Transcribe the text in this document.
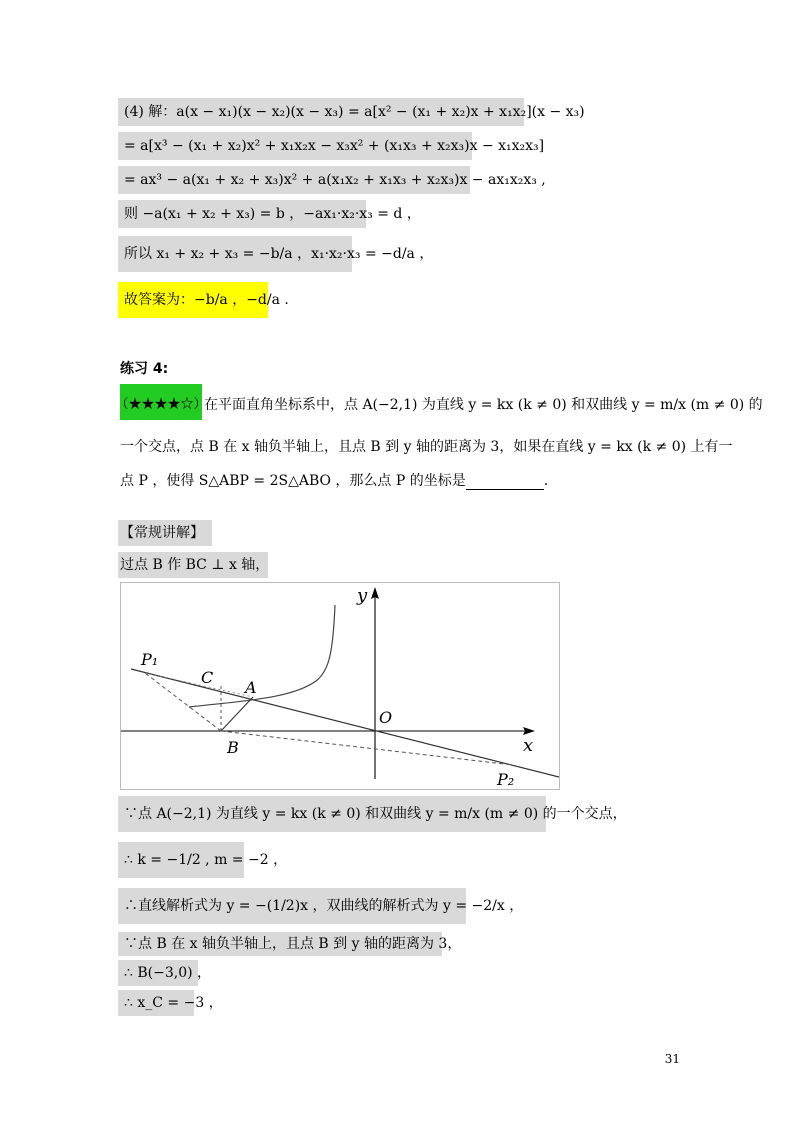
(4) 解：a(x − x₁)(x − x₂)(x − x₃) = a[x² − (x₁ + x₂)x + x₁x₂](x − x₃)
= a[x³ − (x₁ + x₂)x² + x₁x₂x − x₃x² + (x₁x₃ + x₂x₃)x − x₁x₂x₃]
= ax³ − a(x₁ + x₂ + x₃)x² + a(x₁x₂ + x₁x₃ + x₂x₃)x − ax₁x₂x₃ ,
则 −a(x₁ + x₂ + x₃) = b ，−ax₁·x₂·x₃ = d ，
所以 x₁ + x₂ + x₃ = −b/a ，x₁·x₂·x₃ = −d/a ，
故答案为：−b/a ，−d/a .
练习 4:
（★★★★☆）
在平面直角坐标系中，点 A(−2,1) 为直线 y = kx (k ≠ 0) 和双曲线 y = m/x (m ≠ 0) 的
一个交点，点 B 在 x 轴负半轴上，且点 B 到 y 轴的距离为 3，如果在直线 y = kx (k ≠ 0) 上有一
点 P ，使得 S△ABP = 2S△ABO ，那么点 P 的坐标是	.
【常规讲解】
过点 B 作 BC ⊥ x 轴，
y
x
O
A
B
C
P₁
P₂
∵点 A(−2,1) 为直线 y = kx (k ≠ 0) 和双曲线 y = m/x (m ≠ 0) 的一个交点，
∴ k = −1/2 , m = −2 ，
∴直线解析式为 y = −(1/2)x ，双曲线的解析式为 y = −2/x ，
∵点 B 在 x 轴负半轴上，且点 B 到 y 轴的距离为 3，
∴ B(−3,0) ，
∴ x_C = −3 ，
31
